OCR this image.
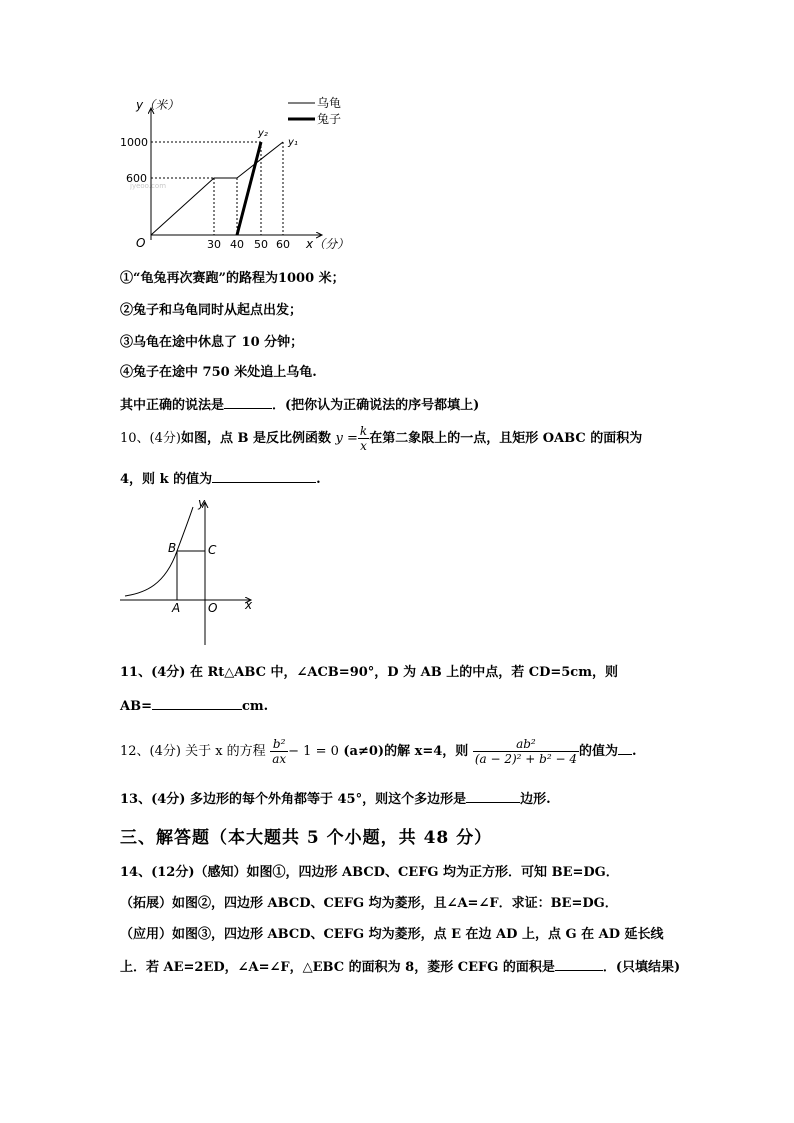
乌龟
兔子
y（米）
y₂
y₁
1000
600
jyeoo.com
O	30 40 50 60 x（分）
①“龟兔再次赛跑”的路程为1000 米；
②兔子和乌龟同时从起点出发；
③乌龟在途中休息了 10 分钟；
④兔子在途中 750 米处追上乌龟.
其中正确的说法是	．(把你认为正确说法的序号都填上)
10、(4分)如图，点 B 是反比例函数 $y = \frac{k}{x}$ 在第二象限上的一点，且矩形 OABC 的面积为
4，则 k 的值为	.
B	C
A O
y
x
11、(4分) 在 Rt△ABC 中，∠ACB=90°，D 为 AB 上的中点，若 CD=5cm，则
AB=	cm.
12、(4分) 关于 x 的方程 $\frac{\text{b²}}{ax} - 1 = 0$ (a≠0)的解 x=4，则 $\frac{\text{ab²}}{\text{(a − 2)² + b² − 4}}$ 的值为 .
13、(4分) 多边形的每个外角都等于 45°，则这个多边形是	边形.
三、解答题（本大题共 5 个小题，共 48 分）
14、(12分)（感知）如图①，四边形 ABCD、CEFG 均为正方形．可知 BE=DG．
（拓展）如图②，四边形 ABCD、CEFG 均为菱形，且∠A=∠F．求证：BE=DG．
（应用）如图③，四边形 ABCD、CEFG 均为菱形，点 E 在边 AD 上，点 G 在 AD 延长线
上．若 AE=2ED，∠A=∠F，△EBC 的面积为 8，菱形 CEFG 的面积是	．(只填结果)
